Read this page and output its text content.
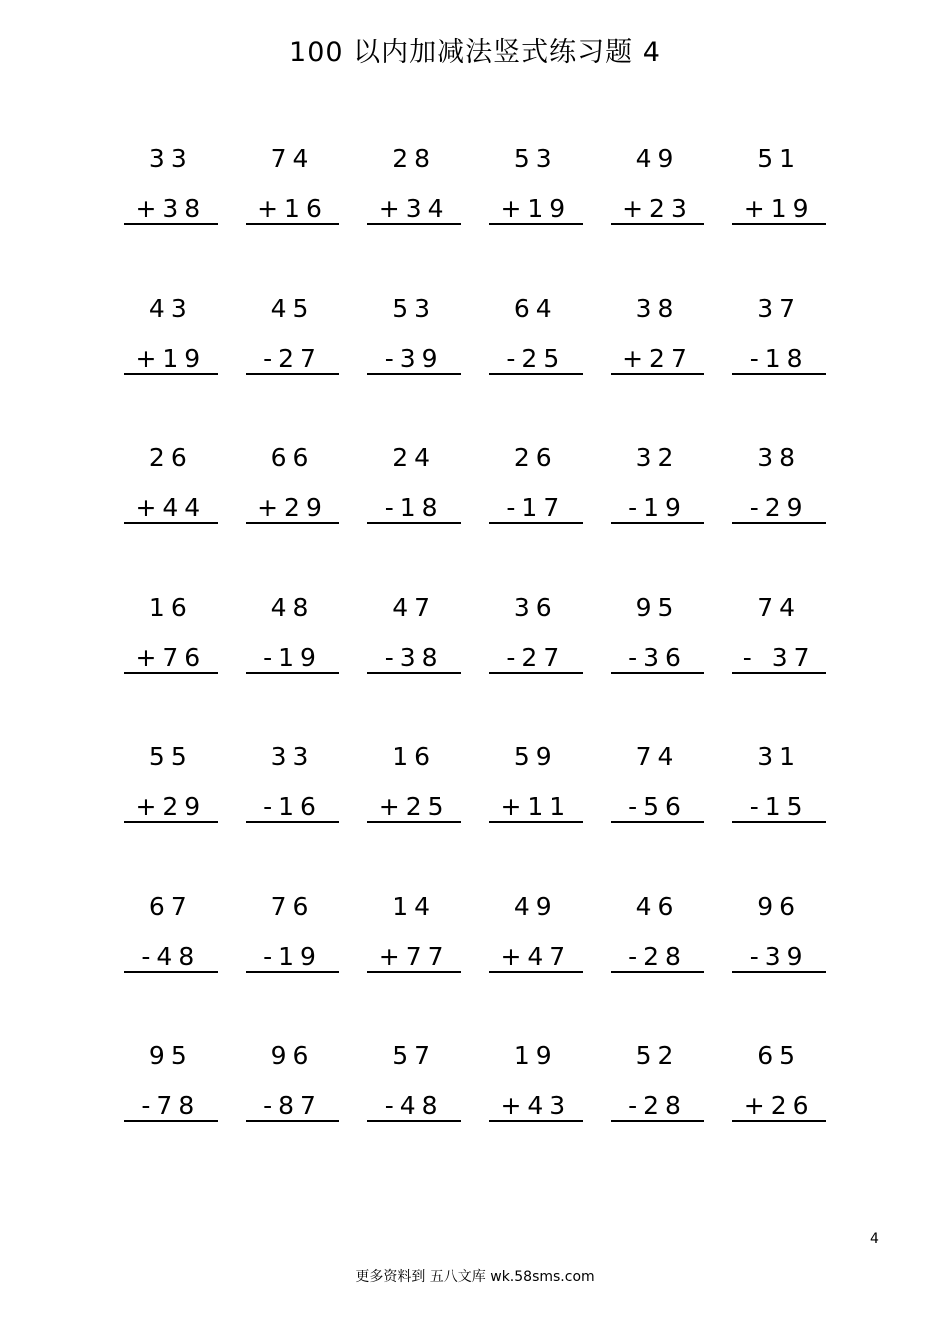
100 以内加减法竖式练习题 4
33
+38
74
+16
28
+34
53
+19
49
+23
51
+19
43
+19
45
-27
53
-39
64
-25
38
+27
37
-18
26
+44
66
+29
24
-18
26
-17
32
-19
38
-29
16
+76
48
-19
47
-38
36
-27
95
-36
74
- 37
55
+29
33
-16
16
+25
59
+11
74
-56
31
-15
67
-48
76
-19
14
+77
49
+47
46
-28
96
-39
95
-78
96
-87
57
-48
19
+43
52
-28
65
+26
4
更多资料到 五八文库 wk.58sms.com
